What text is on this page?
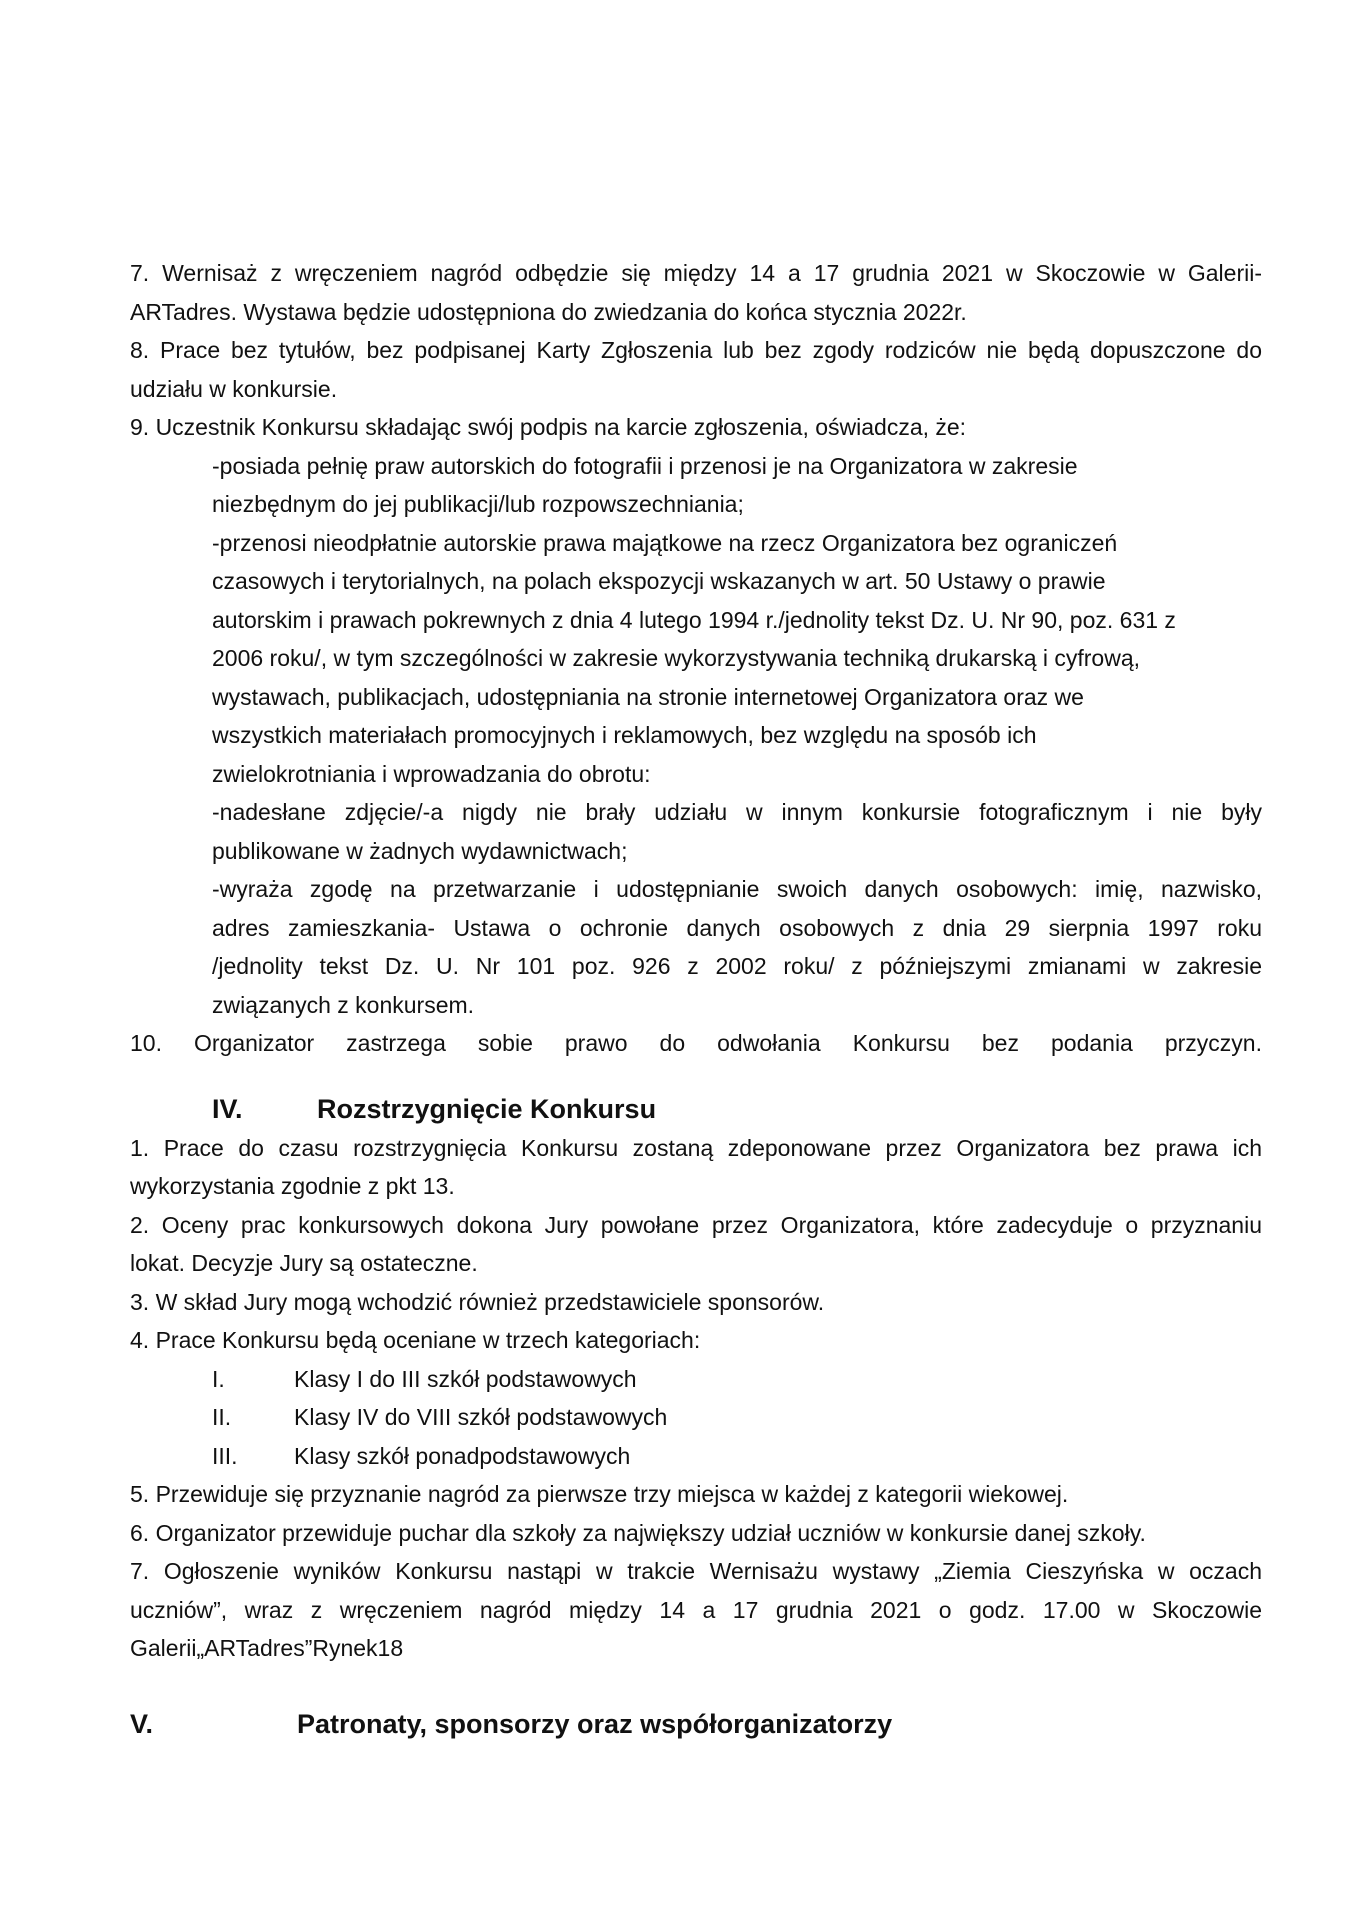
7. Wernisaż z wręczeniem nagród odbędzie się między 14 a 17 grudnia 2021 w Skoczowie w Galerii-
ARTadres. Wystawa będzie udostępniona do zwiedzania do końca stycznia 2022r.
8. Prace bez tytułów, bez podpisanej Karty Zgłoszenia lub bez zgody rodziców nie będą dopuszczone do
udziału w konkursie.
9. Uczestnik Konkursu składając swój podpis na karcie zgłoszenia, oświadcza, że:
-posiada pełnię praw autorskich do fotografii i przenosi je na Organizatora w zakresie
niezbędnym do jej publikacji/lub rozpowszechniania;
-przenosi nieodpłatnie autorskie prawa majątkowe na rzecz Organizatora bez ograniczeń
czasowych i terytorialnych, na polach ekspozycji wskazanych w art. 50 Ustawy o prawie
autorskim i prawach pokrewnych z dnia 4 lutego 1994 r./jednolity tekst Dz. U. Nr 90, poz. 631 z
2006 roku/, w tym szczególności w zakresie wykorzystywania techniką drukarską i cyfrową,
wystawach, publikacjach, udostępniania na stronie internetowej Organizatora oraz we
wszystkich materiałach promocyjnych i reklamowych, bez względu na sposób ich
zwielokrotniania i wprowadzania do obrotu:
-nadesłane zdjęcie/-a nigdy nie brały udziału w innym konkursie fotograficznym i nie były
publikowane w żadnych wydawnictwach;
-wyraża zgodę na przetwarzanie i udostępnianie swoich danych osobowych: imię, nazwisko,
adres zamieszkania- Ustawa o ochronie danych osobowych z dnia 29 sierpnia 1997 roku
/jednolity tekst Dz. U. Nr 101 poz. 926 z 2002 roku/ z późniejszymi zmianami w zakresie
związanych z konkursem.
10. Organizator zastrzega sobie prawo do odwołania Konkursu bez podania przyczyn.
IV.	Rozstrzygnięcie Konkursu
1. Prace do czasu rozstrzygnięcia Konkursu zostaną zdeponowane przez Organizatora bez prawa ich
wykorzystania zgodnie z pkt 13.
2. Oceny prac konkursowych dokona Jury powołane przez Organizatora, które zadecyduje o przyznaniu
lokat. Decyzje Jury są ostateczne.
3. W skład Jury mogą wchodzić również przedstawiciele sponsorów.
4. Prace Konkursu będą oceniane w trzech kategoriach:
I.	Klasy I do III szkół podstawowych
II.	Klasy IV do VIII szkół podstawowych
III.	Klasy szkół ponadpodstawowych
5. Przewiduje się przyznanie nagród za pierwsze trzy miejsca w każdej z kategorii wiekowej.
6. Organizator przewiduje puchar dla szkoły za największy udział uczniów w konkursie danej szkoły.
7. Ogłoszenie wyników Konkursu nastąpi w trakcie Wernisażu wystawy „Ziemia Cieszyńska w oczach
uczniów”, wraz z wręczeniem nagród między 14 a 17 grudnia 2021 o godz. 17.00 w Skoczowie
Galerii„ARTadres”Rynek18
V.	Patronaty, sponsorzy oraz współorganizatorzy
